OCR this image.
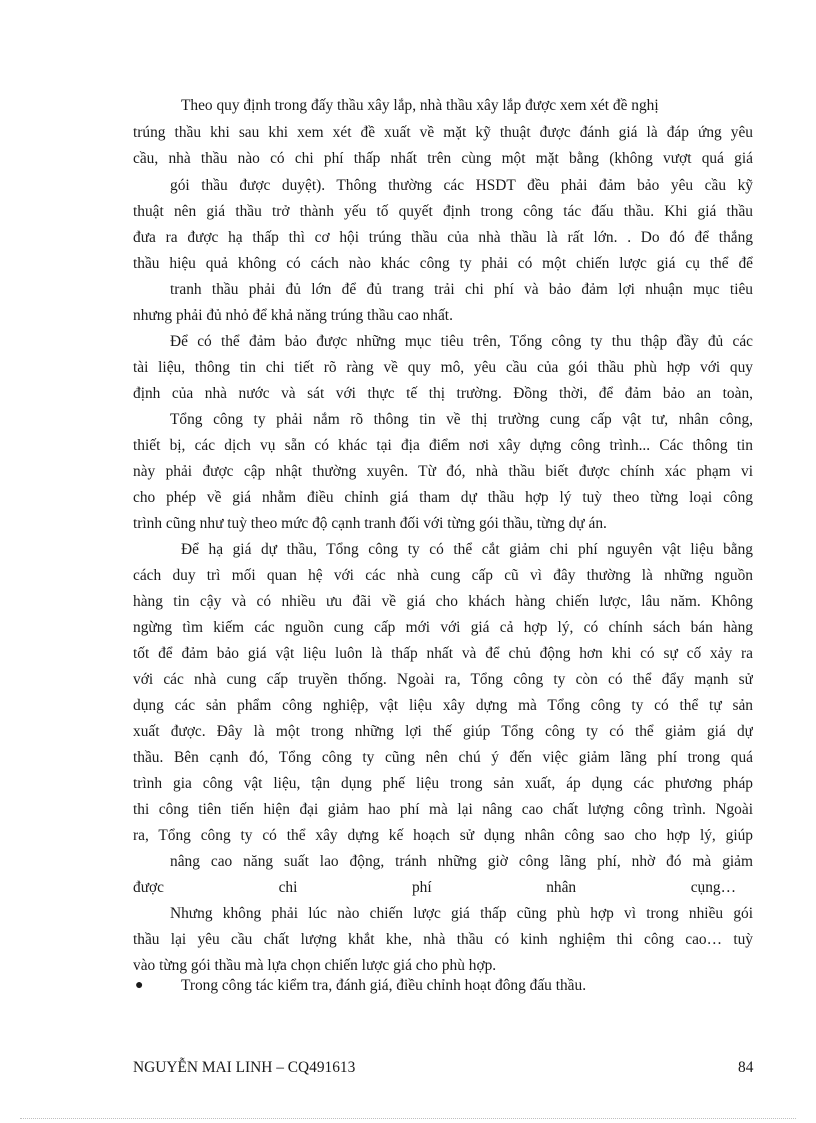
Theo quy định trong đấy thầu xây lắp, nhà thầu xây lắp được xem xét đề nghị
trúng thầu khi sau khi xem xét đề xuất về mặt kỹ thuật được đánh giá là đáp ứng yêu
cầu, nhà thầu nào có chi phí thấp nhất trên cùng một mặt bằng (không vượt quá giá
gói thầu được duyệt). Thông thường các HSDT đều phải đảm bảo yêu cầu kỹ
thuật nên giá thầu trở thành yếu tố quyết định trong công tác đấu thầu. Khi giá thầu
đưa ra được hạ thấp thì cơ hội trúng thầu của nhà thầu là rất lớn. . Do đó để thắng
thầu hiệu quả không có cách nào khác công ty phải có một chiến lược giá cụ thể để
tranh thầu phải đủ lớn để đủ trang trải chi phí và bảo đảm lợi nhuận mục tiêu
nhưng phải đủ nhỏ để khả năng trúng thầu cao nhất.
Để có thể đảm bảo được những mục tiêu trên, Tổng công ty thu thập đầy đủ các
tài liệu, thông tin chi tiết rõ ràng về quy mô, yêu cầu của gói thầu phù hợp với quy
định của nhà nước và sát với thực tế thị trường. Đồng thời, để đảm bảo an toàn,
Tổng công ty phải nắm rõ thông tin về thị trường cung cấp vật tư, nhân công,
thiết bị, các dịch vụ sẵn có khác tại địa điểm nơi xây dựng công trình... Các thông tin
này phải được cập nhật thường xuyên. Từ đó, nhà thầu biết được chính xác phạm vi
cho phép về giá nhằm điều chỉnh giá tham dự thầu hợp lý tuỳ theo từng loại công
trình cũng như tuỳ theo mức độ cạnh tranh đối với từng gói thầu, từng dự án.
Để hạ giá dự thầu, Tổng công ty có thể cắt giảm chi phí nguyên vật liệu bằng
cách duy trì mối quan hệ với các nhà cung cấp cũ vì đây thường là những nguồn
hàng tin cậy và có nhiều ưu đãi về giá cho khách hàng chiến lược, lâu năm. Không
ngừng tìm kiếm các nguồn cung cấp mới với giá cả hợp lý, có chính sách bán hàng
tốt để đảm bảo giá vật liệu luôn là thấp nhất và để chủ động hơn khi có sự cố xảy ra
với các nhà cung cấp truyền thống. Ngoài ra, Tổng công ty còn có thể đẩy mạnh sử
dụng các sản phẩm công nghiệp, vật liệu xây dựng mà Tổng công ty có thể tự sản
xuất được. Đây là một trong những lợi thế giúp Tổng công ty có thể giảm giá dự
thầu. Bên cạnh đó, Tổng công ty cũng nên chú ý đến việc giảm lãng phí trong quá
trình gia công vật liệu, tận dụng phế liệu trong sản xuất, áp dụng các phương pháp
thi công tiên tiến hiện đại giảm hao phí mà lại nâng cao chất lượng công trình. Ngoài
ra, Tổng công ty có thể xây dựng kế hoạch sử dụng nhân công sao cho hợp lý, giúp
nâng cao năng suất lao động, tránh những giờ công lãng phí, nhờ đó mà giảm
được chi phí nhân cụng…
Nhưng không phải lúc nào chiến lược giá thấp cũng phù hợp vì trong nhiều gói
thầu lại yêu cầu chất lượng khắt khe, nhà thầu có kinh nghiệm thi công cao… tuỳ
vào từng gói thầu mà lựa chọn chiến lược giá cho phù hợp.
● Trong công tác kiểm tra, đánh giá, điều chỉnh hoạt đông đấu thầu.
NGUYỄN MAI LINH – CQ491613	84
